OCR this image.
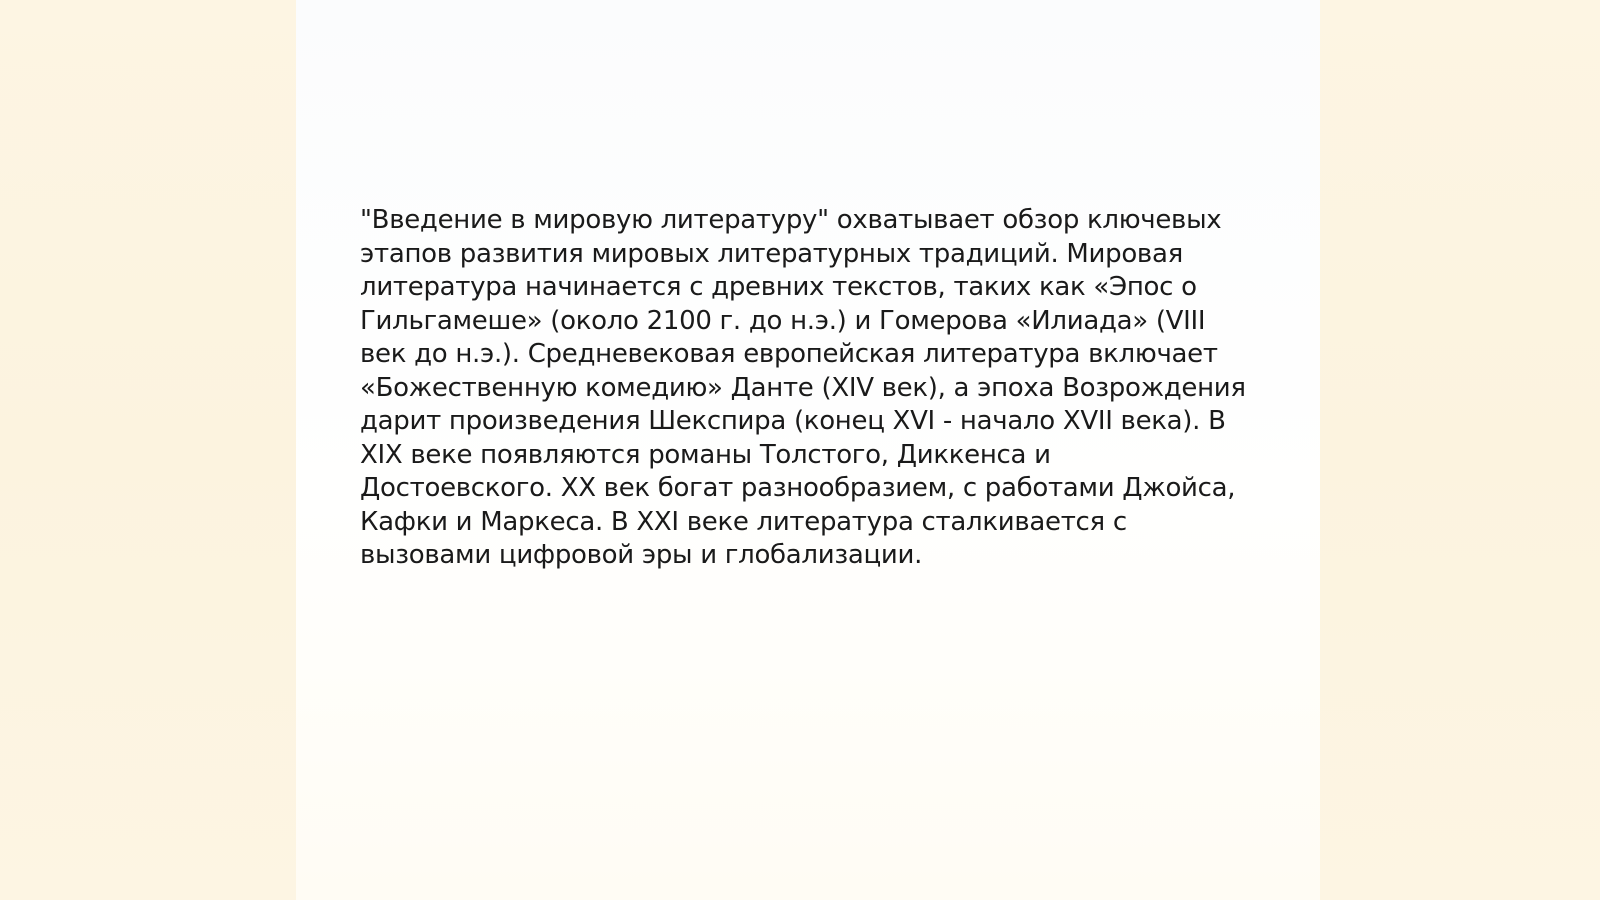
"Введение в мировую литературу" охватывает обзор ключевых
этапов развития мировых литературных традиций. Мировая
литература начинается с древних текстов, таких как «Эпос о
Гильгамеше» (около 2100 г. до н.э.) и Гомерова «Илиада» (VIII
век до н.э.). Средневековая европейская литература включает
«Божественную комедию» Данте (XIV век), а эпоха Возрождения
дарит произведения Шекспира (конец XVI - начало XVII века). В
XIX веке появляются романы Толстого, Диккенса и
Достоевского. XX век богат разнообразием, с работами Джойса,
Кафки и Маркеса. В XXI веке литература сталкивается с
вызовами цифровой эры и глобализации.
